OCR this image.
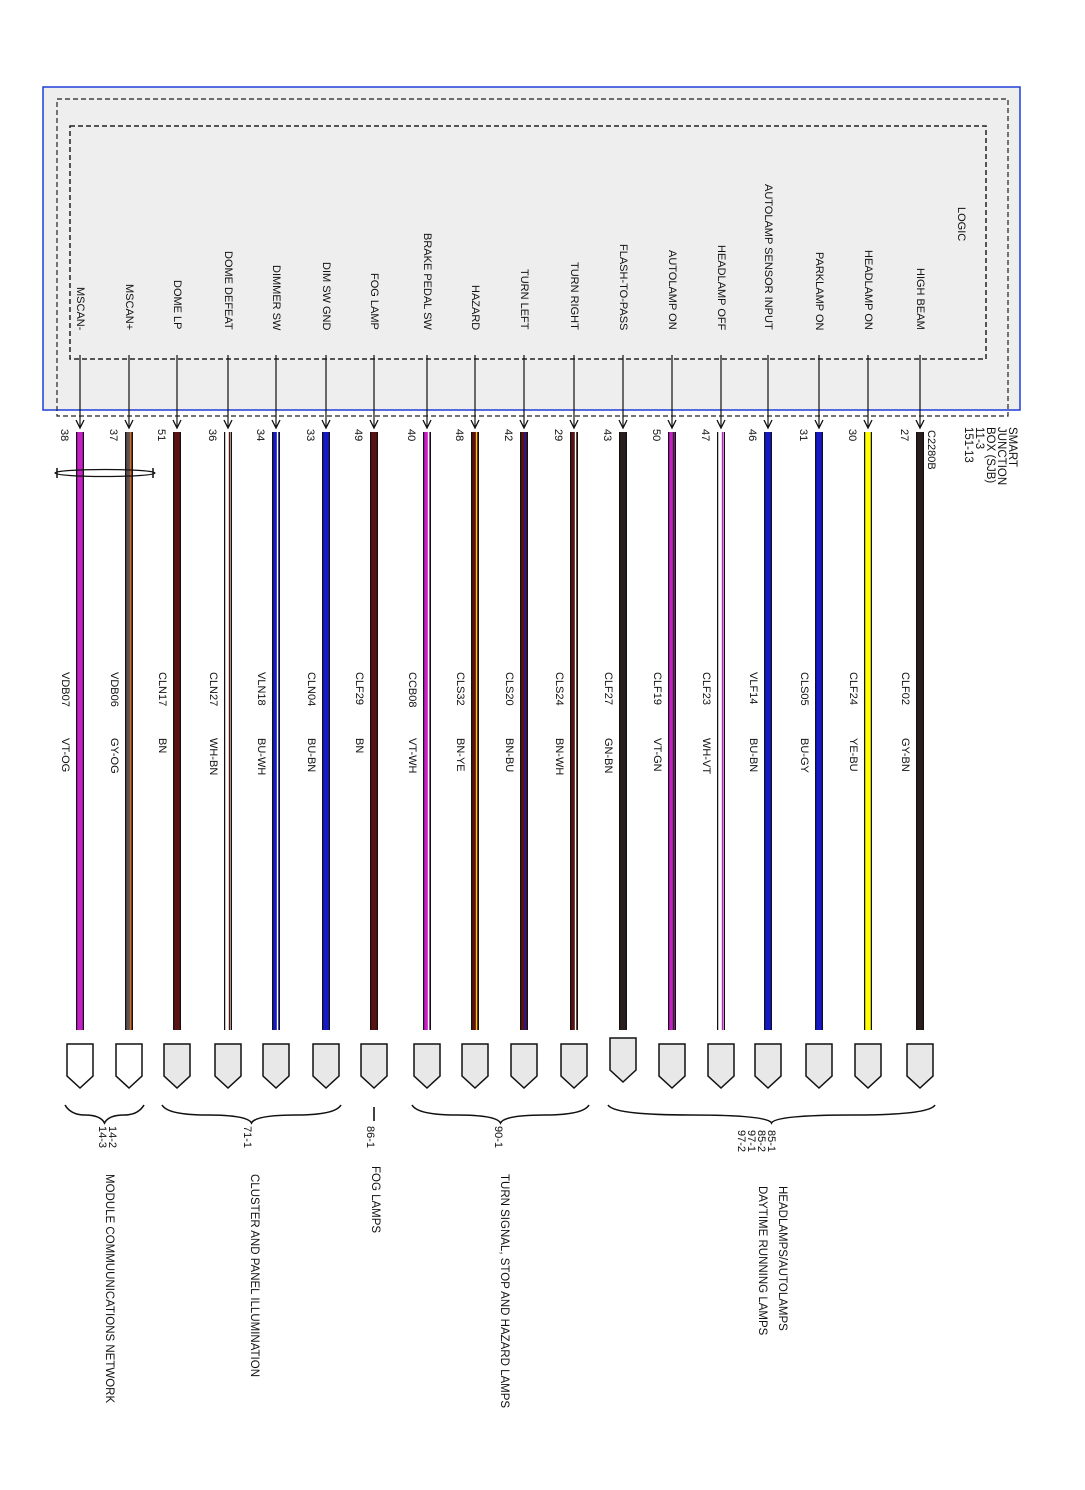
SMART
JUNCTION
BOX (SJB)
11-3
151-13
C2280B
LOGIC
HIGH BEAM
27
CLF02
GY-BN
HEADLAMP ON
30
CLF24
YE-BU
PARKLAMP ON
31
CLS05
BU-GY
AUTOLAMP SENSOR INPUT
46
VLF14
BU-BN
HEADLAMP OFF
47
CLF23
WH-VT
AUTOLAMP ON
50
CLF19
VT-GN
FLASH-TO-PASS
43
CLF27
GN-BN
TURN RIGHT
29
CLS24
BN-WH
TURN LEFT
42
CLS20
BN-BU
HAZARD
48
CLS32
BN-YE
BRAKE PEDAL SW
40
CCB08
VT-WH
FOG LAMP
49
CLF29
BN
DIM SW GND
33
CLN04
BU-BN
DIMMER SW
34
VLN18
BU-WH
DOME DEFEAT
36
CLN27
WH-BN
DOME LP
51
CLN17
BN
MSCAN+
37
VDB06
GY-OG
MSCAN-
38
VDB07
VT-OG
85-1
85-2
97-1
97-2
HEADLAMPS/AUTOLAMPS
DAYTIME RUNNING LAMPS
90-1
TURN SIGNAL, STOP AND HAZARD LAMPS
86-1
FOG LAMPS
71-1
CLUSTER AND PANEL ILLUMINATION
14-2
14-3
MODULE COMMUUNICATIONS NETWORK
